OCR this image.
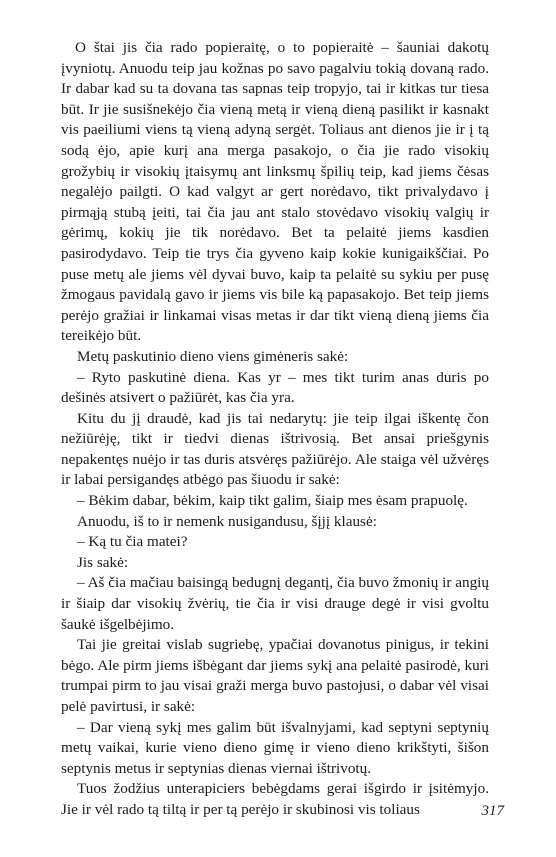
O štai jis čia rado popieraitę, o to popieraitė – šauniai dakotų įvyniotų. Anuodu teip jau kožnas po savo pagalviu tokią dovaną rado. Ir dabar kad su ta dovana tas sapnas teip tropyjo, tai ir kitkas tur tiesa būt. Ir jie susišnekėjo čia vieną metą ir vieną dieną pasilikt ir kasnakt vis paeiliumi viens tą vieną adyną sergėt. Toliaus ant dienos jie ir į tą sodą ėjo, apie kurį ana merga pasakojo, o čia jie rado visokių grožybių ir visokių įtaisymų ant linksmų špilių teip, kad jiems čėsas negalėjo pailgti. O kad valgyt ar gert norėdavo, tikt privalydavo į pirmąją stubą įeiti, tai čia jau ant stalo stovėdavo visokių valgių ir gėrimų, kokių jie tik norėdavo. Bet ta pelaitė jiems kasdien pasirodydavo. Teip tie trys čia gyveno kaip kokie kunigaikščiai. Po puse metų ale jiems vėl dyvai buvo, kaip ta pelaitė su sykiu per pusę žmogaus pavidalą gavo ir jiems vis bile ką papasakojo. Bet teip jiems perėjo gražiai ir linkamai visas metas ir dar tikt vieną dieną jiems čia tereikėjo būt.

Metų paskutinio dieno viens gimėneris sakė:

– Ryto paskutinė diena. Kas yr – mes tikt turim anas duris po dešinės atsivert o pažiūrėt, kas čia yra.

Kitu du jį draudė, kad jis tai nedarytų: jie teip ilgai iškentę čon nežiūrėję, tikt ir tiedvi dienas ištrivosią. Bet ansai priešgynis nepakentęs nuėjo ir tas duris atsvėręs pažiūrėjo. Ale staiga vėl užvėręs ir labai persigandęs atbėgo pas šiuodu ir sakė:

– Bėkim dabar, bėkim, kaip tikt galim, šiaip mes ėsam prapuolę.

Anuodu, iš to ir nemenk nusigandusu, šįjį klausė:

– Ką tu čia matei?

Jis sakė:

– Aš čia mačiau baisingą bedugnį degantį, čia buvo žmonių ir angių ir šiaip dar visokių žvėrių, tie čia ir visi drauge degė ir visi gvoltu šaukė išgelbėjimo.

Tai jie greitai vislab sugriebę, ypačiai dovanotus pinigus, ir tekini bėgo. Ale pirm jiems išbėgant dar jiems sykį ana pelaitė pasirodė, kuri trumpai pirm to jau visai graži merga buvo pastojusi, o dabar vėl visai pelė pavirtusi, ir sakė:

– Dar vieną sykį mes galim būt išvalnyjami, kad septyni septynių metų vaikai, kurie vieno dieno gimę ir vieno dieno krikštyti, šišon septynis metus ir septynias dienas viernai ištrivotų.

Tuos žodžius unterapiciers bebėgdams gerai išgirdo ir įsitėmyjo. Jie ir vėl rado tą tiltą ir per tą perėjo ir skubinosi vis toliaus	317
